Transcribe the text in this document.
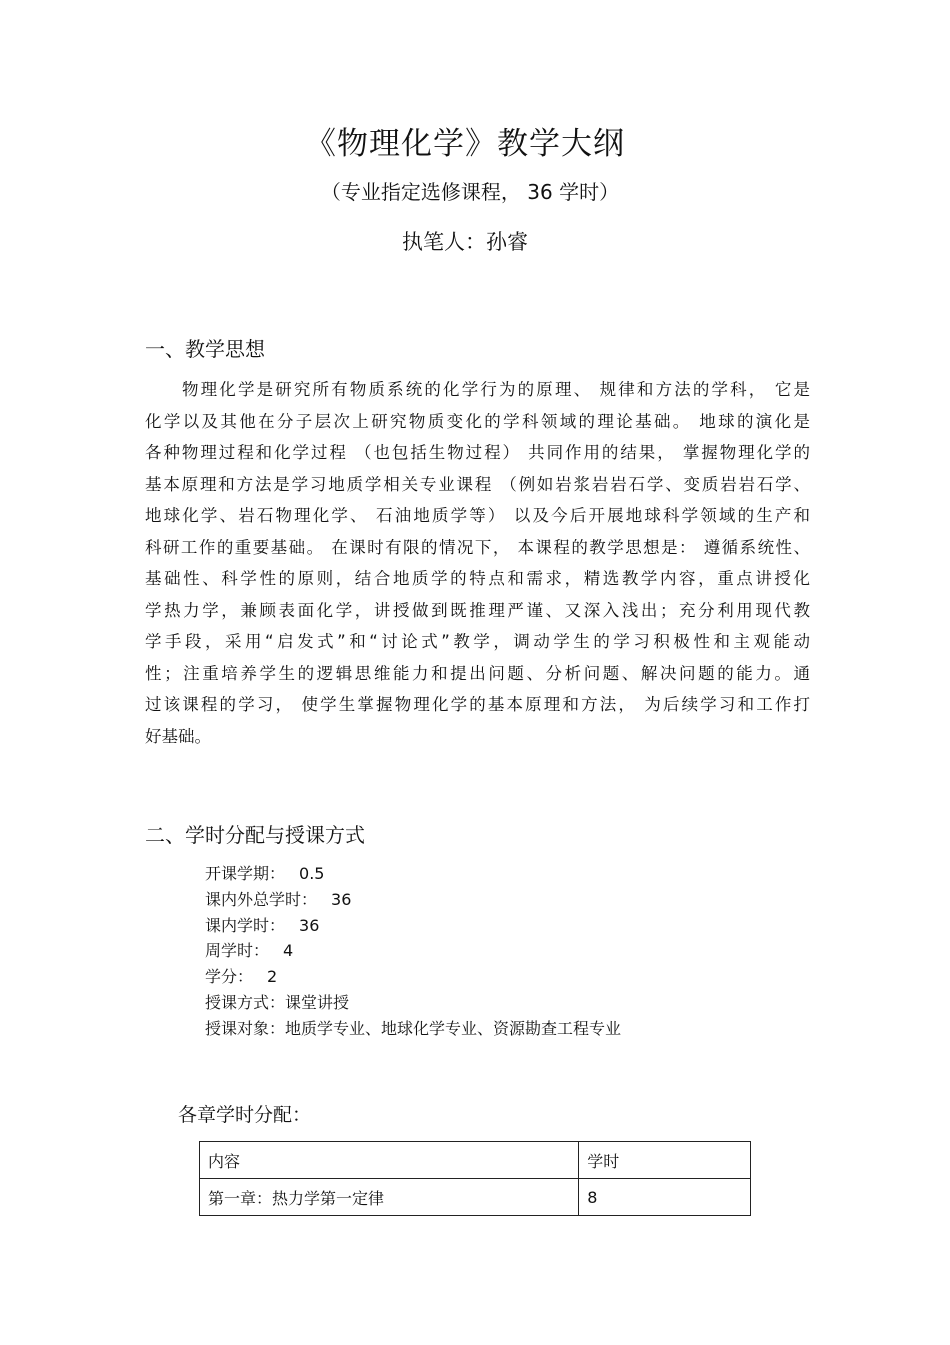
《物理化学》教学大纲
（专业指定选修课程， 36 学时）
执笔人：孙睿
一、教学思想
物理化学是研究所有物质系统的化学行为的原理、 规律和方法的学科， 它是
化学以及其他在分子层次上研究物质变化的学科领域的理论基础。 地球的演化是
各种物理过程和化学过程 （也包括生物过程） 共同作用的结果， 掌握物理化学的
基本原理和方法是学习地质学相关专业课程 （例如岩浆岩岩石学、变质岩岩石学、
地球化学、岩石物理化学、 石油地质学等） 以及今后开展地球科学领域的生产和
科研工作的重要基础。 在课时有限的情况下， 本课程的教学思想是： 遵循系统性、
基础性、科学性的原则，结合地质学的特点和需求，精选教学内容，重点讲授化
学热力学，兼顾表面化学，讲授做到既推理严谨、又深入浅出；充分利用现代教
学手段，采用“启发式”和“讨论式”教学，调动学生的学习积极性和主观能动
性；注重培养学生的逻辑思维能力和提出问题、分析问题、解决问题的能力。通
过该课程的学习， 使学生掌握物理化学的基本原理和方法， 为后续学习和工作打
好基础。
二、学时分配与授课方式
开课学期： 0.5
课内外总学时： 36
课内学时： 36
周学时： 4
学分： 2
授课方式：课堂讲授
授课对象：地质学专业、地球化学专业、资源勘查工程专业
各章学时分配：
内容	学时
第一章：热力学第一定律	8
